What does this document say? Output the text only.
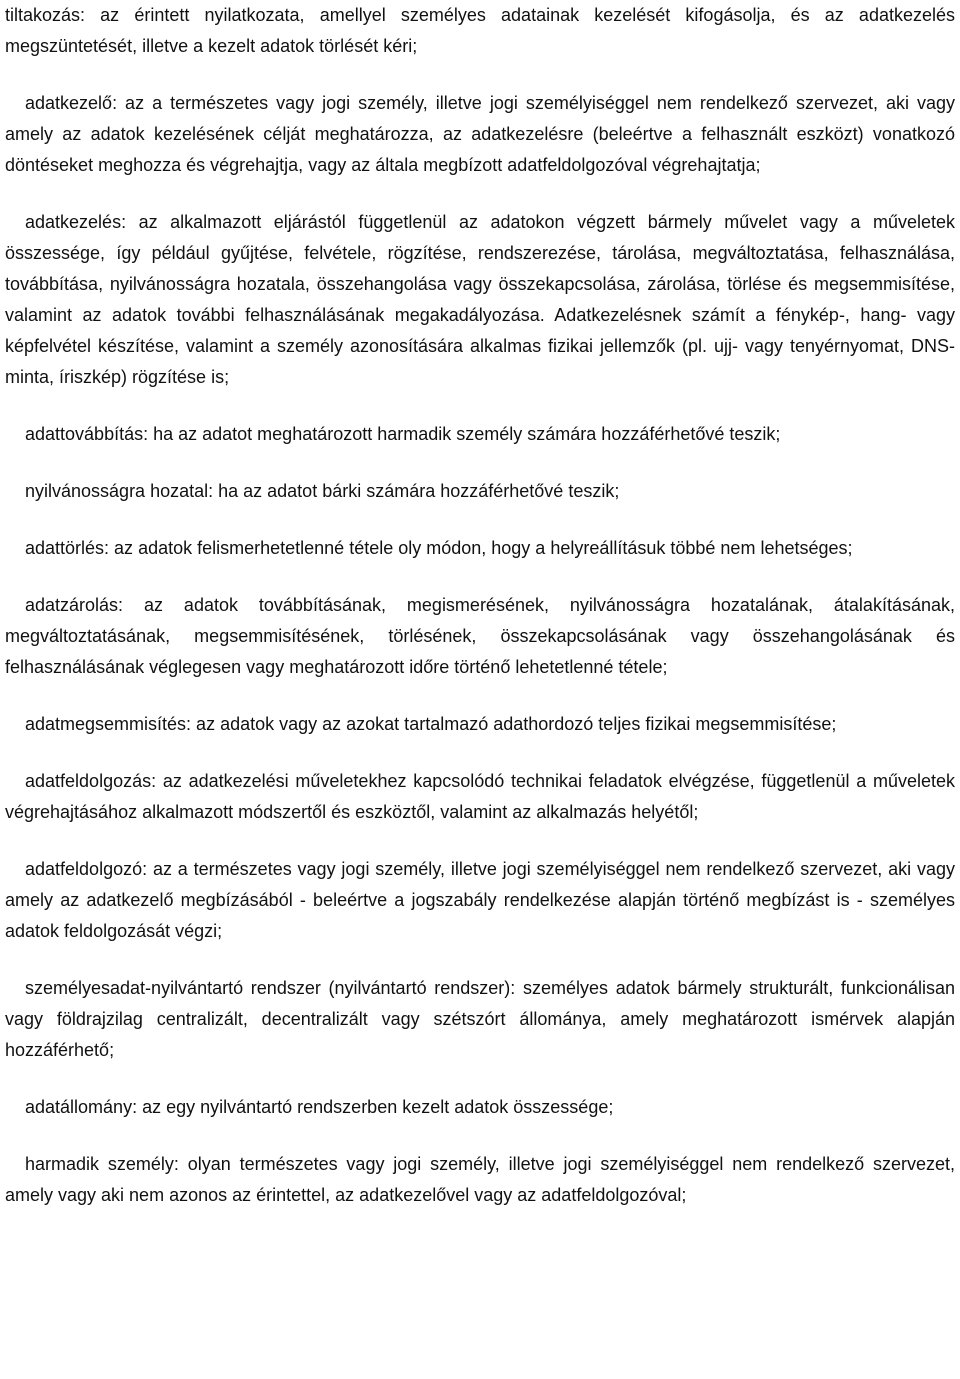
tiltakozás: az érintett nyilatkozata, amellyel személyes adatainak kezelését kifogásolja, és az adatkezelés megszüntetését, illetve a kezelt adatok törlését kéri;

adatkezelő: az a természetes vagy jogi személy, illetve jogi személyiséggel nem rendelkező szervezet, aki vagy amely az adatok kezelésének célját meghatározza, az adatkezelésre (beleértve a felhasznált eszközt) vonatkozó döntéseket meghozza és végrehajtja, vagy az általa megbízott adatfeldolgozóval végrehajtatja;

adatkezelés: az alkalmazott eljárástól függetlenül az adatokon végzett bármely művelet vagy a műveletek összessége, így például gyűjtése, felvétele, rögzítése, rendszerezése, tárolása, megváltoztatása, felhasználása, továbbítása, nyilvánosságra hozatala, összehangolása vagy összekapcsolása, zárolása, törlése és megsemmisítése, valamint az adatok további felhasználásának megakadályozása. Adatkezelésnek számít a fénykép-, hang- vagy képfelvétel készítése, valamint a személy azonosítására alkalmas fizikai jellemzők (pl. ujj- vagy tenyérnyomat, DNS-minta, íriszkép) rögzítése is;

adattovábbítás: ha az adatot meghatározott harmadik személy számára hozzáférhetővé teszik;

nyilvánosságra hozatal: ha az adatot bárki számára hozzáférhetővé teszik;

adattörlés: az adatok felismerhetetlenné tétele oly módon, hogy a helyreállításuk többé nem lehetséges;

adatzárolás: az adatok továbbításának, megismerésének, nyilvánosságra hozatalának, átalakításának, megváltoztatásának, megsemmisítésének, törlésének, összekapcsolásának vagy összehangolásának és felhasználásának véglegesen vagy meghatározott időre történő lehetetlenné tétele;

adatmegsemmisítés: az adatok vagy az azokat tartalmazó adathordozó teljes fizikai megsemmisítése;

adatfeldolgozás: az adatkezelési műveletekhez kapcsolódó technikai feladatok elvégzése, függetlenül a műveletek végrehajtásához alkalmazott módszertől és eszköztől, valamint az alkalmazás helyétől;

adatfeldolgozó: az a természetes vagy jogi személy, illetve jogi személyiséggel nem rendelkező szervezet, aki vagy amely az adatkezelő megbízásából - beleértve a jogszabály rendelkezése alapján történő megbízást is - személyes adatok feldolgozását végzi;

személyesadat-nyilvántartó rendszer (nyilvántartó rendszer): személyes adatok bármely strukturált, funkcionálisan vagy földrajzilag centralizált, decentralizált vagy szétszórt állománya, amely meghatározott ismérvek alapján hozzáférhető;

adatállomány: az egy nyilvántartó rendszerben kezelt adatok összessége;

harmadik személy: olyan természetes vagy jogi személy, illetve jogi személyiséggel nem rendelkező szervezet, amely vagy aki nem azonos az érintettel, az adatkezelővel vagy az adatfeldolgozóval;
